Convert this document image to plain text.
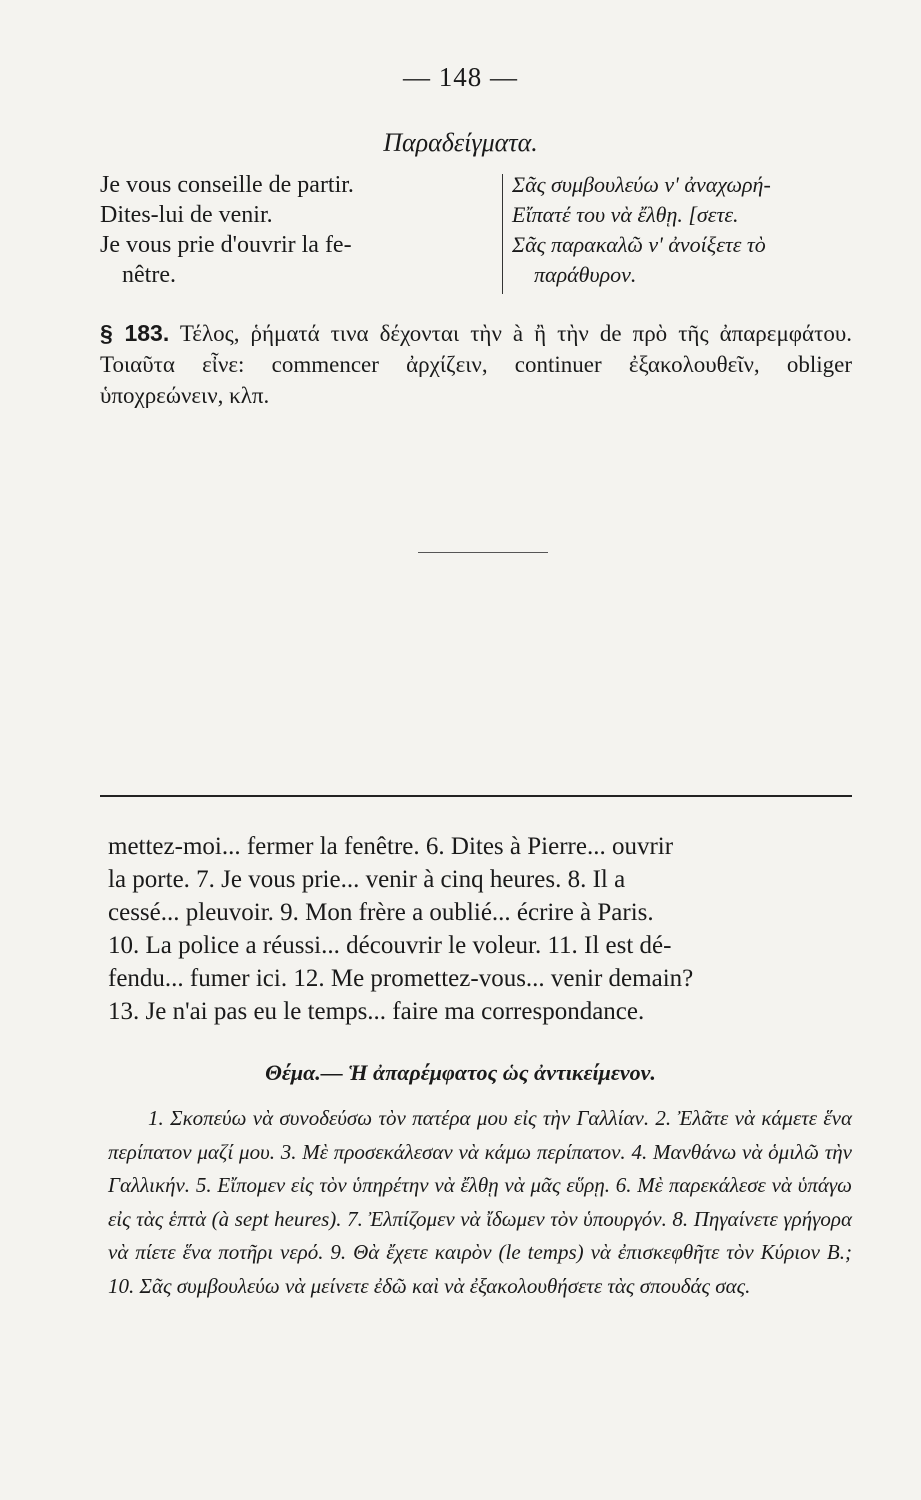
— 148 —
Παραδείγματα.
Je vous conseille de partir.
Dites-lui de venir.
Je vous prie d'ouvrir la fe-
nêtre.
Σᾶς συμβουλεύω ν' ἀναχωρή-
Εἴπατέ του νὰ ἔλθῃ. [σετε.
Σᾶς παρακαλῶ ν' ἀνοίξετε τὸ
παράθυρον.
§ 183. Τέλος, ῥήματά τινα δέχονται τὴν à ἢ τὴν de πρὸ τῆς ἀπαρεμφάτου. Τοιαῦτα εἶνε: commencer ἀρχίζειν, continuer ἐξακολουθεῖν, obliger ὑποχρεώνειν, κλπ.
mettez-moi... fermer la fenêtre. 6. Dites à Pierre... ouvrir
la porte. 7. Je vous prie... venir à cinq heures. 8. Il a
cessé... pleuvoir. 9. Mon frère a oublié... écrire à Paris.
10. La police a réussi... découvrir le voleur. 11. Il est dé-
fendu... fumer ici. 12. Me promettez-vous... venir demain?
13. Je n'ai pas eu le temps... faire ma correspondance.
Θέμα.— Ἡ ἀπαρέμφατος ὡς ἀντικείμενον.

1. Σκοπεύω νὰ συνοδεύσω τὸν πατέρα μου εἰς τὴν Γαλλίαν. 2. Ἐλᾶτε νὰ κάμετε ἕνα περίπατον μαζί μου. 3. Μὲ προσεκάλεσαν νὰ κάμω περίπατον. 4. Μανθάνω νὰ ὁμιλῶ τὴν Γαλλικήν. 5. Εἴπομεν εἰς τὸν ὑπηρέτην νὰ ἔλθῃ νὰ μᾶς εὕρῃ. 6. Μὲ παρεκάλεσε νὰ ὑπάγω εἰς τὰς ἑπτὰ (à sept heures). 7. Ἐλπίζομεν νὰ ἴδωμεν τὸν ὑπουργόν. 8. Πηγαίνετε γρήγορα νὰ πίετε ἕνα ποτῆρι νερό. 9. Θὰ ἔχετε καιρὸν (le temps) νὰ ἐπισκεφθῆτε τὸν Κύριον Β.; 10. Σᾶς συμβουλεύω νὰ μείνετε ἐδῶ καὶ νὰ ἐξακολουθήσετε τὰς σπουδάς σας.
